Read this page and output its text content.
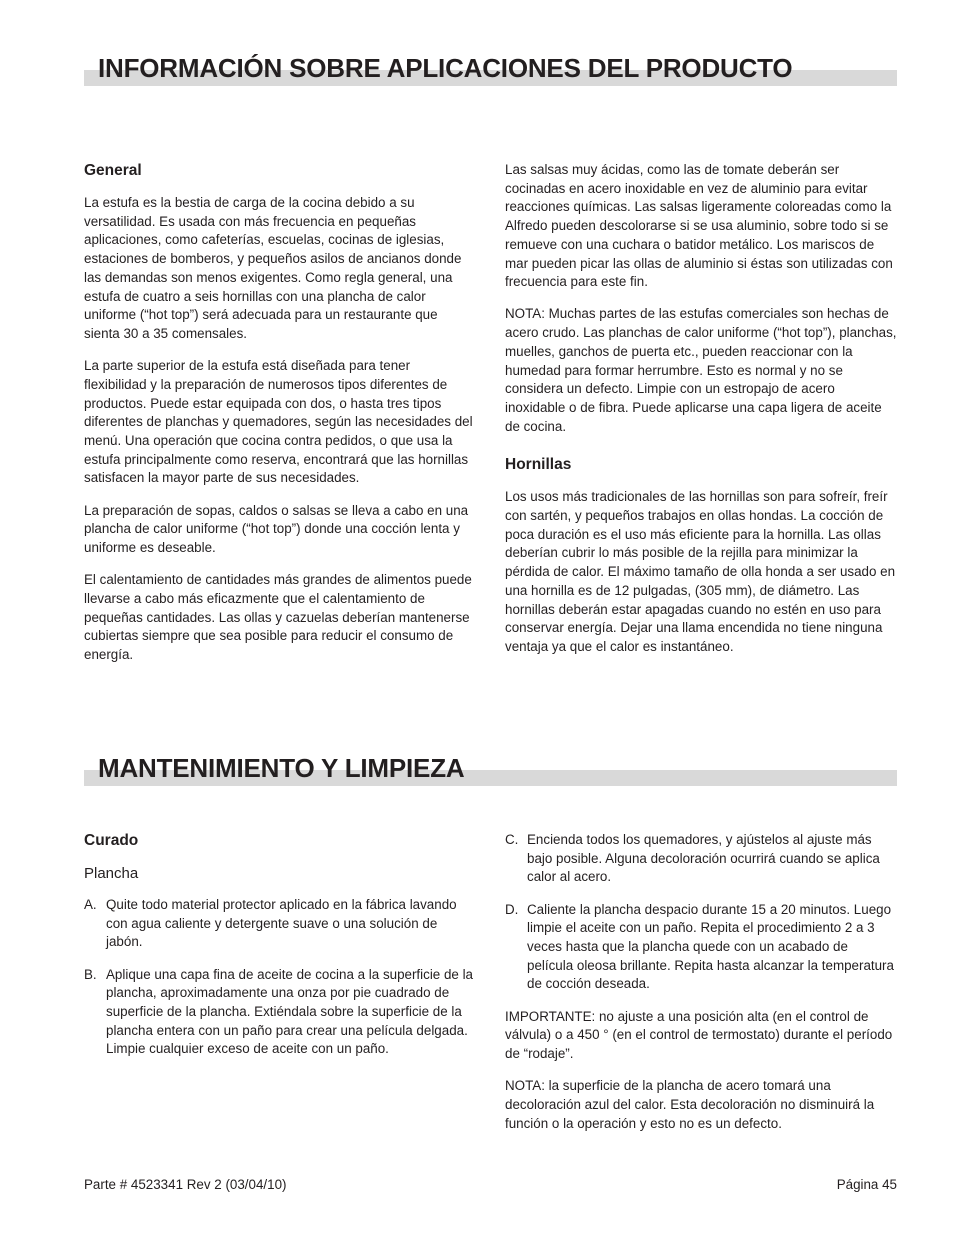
INFORMACIÓN SOBRE APLICACIONES DEL PRODUCTO
General

La estufa es la bestia de carga de la cocina debido a su versatilidad. Es usada con más frecuencia en pequeñas aplicaciones, como cafeterías, escuelas, cocinas de iglesias, estaciones de bomberos, y pequeños asilos de ancianos donde las demandas son menos exigentes. Como regla general, una estufa de cuatro a seis hornillas con una plancha de calor uniforme (“hot top”) será adecuada para un restaurante que sienta 30 a 35 comensales.

La parte superior de la estufa está diseñada para tener flexibilidad y la preparación de numerosos tipos diferentes de productos. Puede estar equipada con dos, o hasta tres tipos diferentes de planchas y quemadores, según las necesidades del menú. Una operación que cocina contra pedidos, o que usa la estufa principalmente como reserva, encontrará que las hornillas satisfacen la mayor parte de sus necesidades.

La preparación de sopas, caldos o salsas se lleva a cabo en una plancha de calor uniforme (“hot top”) donde una cocción lenta y uniforme es deseable.

El calentamiento de cantidades más grandes de alimentos puede llevarse a cabo más eficazmente que el calentamiento de pequeñas cantidades. Las ollas y cazuelas deberían mantenerse cubiertas siempre que sea posible para reducir el consumo de energía.

Las salsas muy ácidas, como las de tomate deberán ser cocinadas en acero inoxidable en vez de aluminio para evitar reacciones químicas. Las salsas ligeramente coloreadas como la Alfredo pueden descolorarse si se usa aluminio, sobre todo si se remueve con una cuchara o batidor metálico. Los mariscos de mar pueden picar las ollas de aluminio si éstas son utilizadas con frecuencia para este fin.

NOTA: Muchas partes de las estufas comerciales son hechas de acero crudo. Las planchas de calor uniforme (“hot top”), planchas, muelles, ganchos de puerta etc., pueden reaccionar con la humedad para formar herrumbre. Esto es normal y no se considera un defecto. Limpie con un estropajo de acero inoxidable o de fibra. Puede aplicarse una capa ligera de aceite de cocina.

Hornillas

Los usos más tradicionales de las hornillas son para sofreír, freír con sartén, y pequeños trabajos en ollas hondas. La cocción de poca duración es el uso más eficiente para la hornilla. Las ollas deberían cubrir lo más posible de la rejilla para minimizar la pérdida de calor. El máximo tamaño de olla honda a ser usado en una hornilla es de 12 pulgadas, (305 mm), de diámetro. Las hornillas deberán estar apagadas cuando no estén en uso para conservar energía. Dejar una llama encendida no tiene ninguna ventaja ya que el calor es instantáneo.

MANTENIMIENTO Y LIMPIEZA
Curado
Plancha
A. Quite todo material protector aplicado en la fábrica lavando con agua caliente y detergente suave o una solución de jabón.
B. Aplique una capa fina de aceite de cocina a la superficie de la plancha, aproximadamente una onza por pie cuadrado de superficie de la plancha. Extiéndala sobre la superficie de la plancha entera con un paño para crear una película delgada. Limpie cualquier exceso de aceite con un paño.
C. Encienda todos los quemadores, y ajústelos al ajuste más bajo posible. Alguna decoloración ocurrirá cuando se aplica calor al acero.
D. Caliente la plancha despacio durante 15 a 20 minutos. Luego limpie el aceite con un paño. Repita el procedimiento 2 a 3 veces hasta que la plancha quede con un acabado de película oleosa brillante. Repita hasta alcanzar la temperatura de cocción deseada.

IMPORTANTE: no ajuste a una posición alta (en el control de válvula) o a 450 ° (en el control de termostato) durante el período de “rodaje”.

NOTA: la superficie de la plancha de acero tomará una decoloración azul del calor. Esta decoloración no disminuirá la función o la operación y esto no es un defecto.

Parte # 4523341 Rev 2 (03/04/10)	Página 45
